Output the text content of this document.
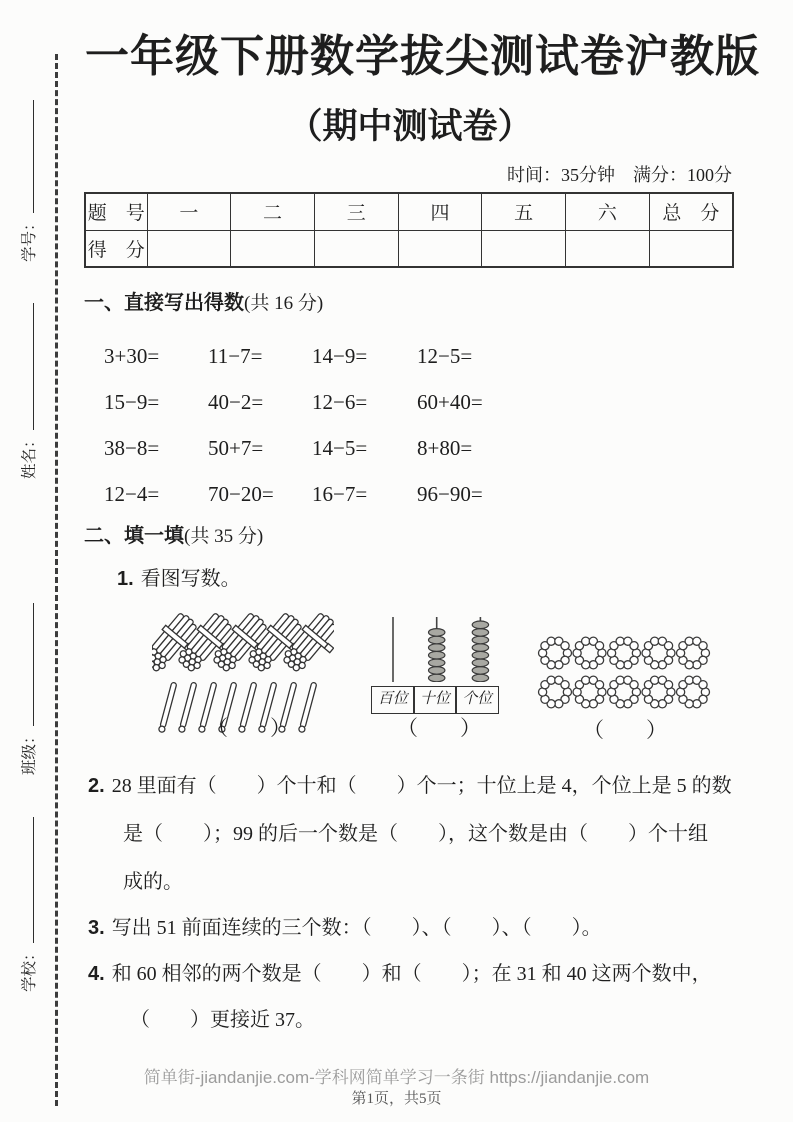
学号：
姓名：
班级：
学校：
一年级下册数学拔尖测试卷沪教版
（期中测试卷）
时间：35分钟　满分：100分
题　号	一	二	三	四	五	六	总　分
得　分							
一、直接写出得数(共 16 分)
3+30=	11−7=	14−9=	12−5=
15−9=	40−2=	12−6=	60+40=
38−8=	50+7=	14−5=	8+80=
12−4=	70−20=	16−7=	96−90=
二、填一填(共 35 分)
1. 看图写数。
百位 十位 个位
（　　）	（　　）	（　　）
2. 28 里面有（　　）个十和（　　）个一；十位上是 4，个位上是 5 的数
是（　　）；99 的后一个数是（　　），这个数是由（　　）个十组
成的。
3. 写出 51 前面连续的三个数：（　　）、（　　）、（　　）。
4. 和 60 相邻的两个数是（　　）和（　　）；在 31 和 40 这两个数中，
（　　）更接近 37。
简单街-jiandanjie.com-学科网简单学习一条街 https://jiandanjie.com
第1页，共5页
